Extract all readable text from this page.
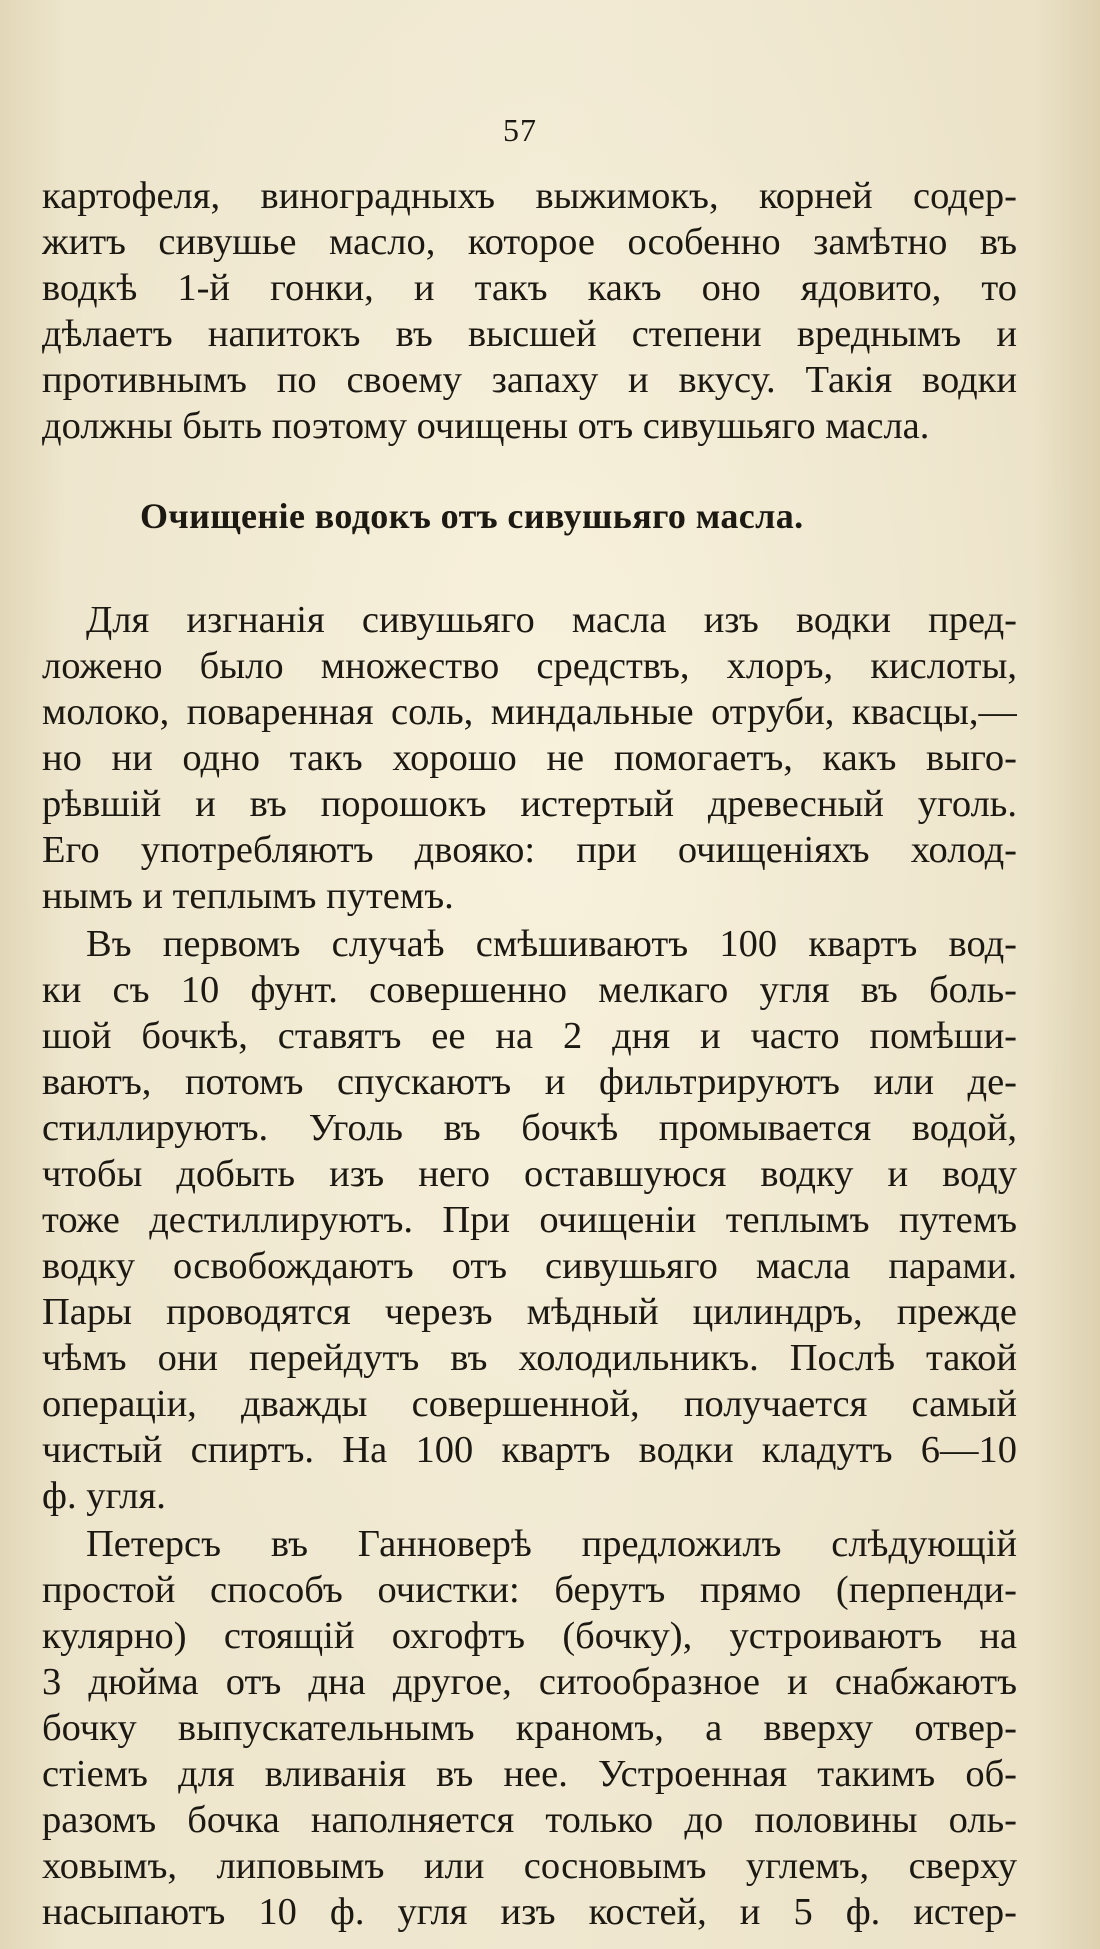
57
картофеля, виноградныхъ выжимокъ, корней содер-
житъ сивушье масло, которое особенно замѣтно въ
водкѣ 1-й гонки, и такъ какъ оно ядовито, то
дѣлаетъ напитокъ въ высшей степени вреднымъ и
противнымъ по своему запаху и вкусу. Такія водки
должны быть поэтому очищены отъ сивушьяго масла.
Очищеніе водокъ отъ сивушьяго масла.
Для изгнанія сивушьяго масла изъ водки пред-
ложено было множество средствъ, хлоръ, кислоты,
молоко, поваренная соль, миндальные отруби, квасцы,—
но ни одно такъ хорошо не помогаетъ, какъ выго-
рѣвшій и въ порошокъ истертый древесный уголь.
Его употребляютъ двояко: при очищеніяхъ холод-
нымъ и теплымъ путемъ.
Въ первомъ случаѣ смѣшиваютъ 100 квартъ вод-
ки съ 10 фунт. совершенно мелкаго угля въ боль-
шой бочкѣ, ставятъ ее на 2 дня и часто помѣши-
ваютъ, потомъ спускаютъ и фильтрируютъ или де-
стиллируютъ. Уголь въ бочкѣ промывается водой,
чтобы добыть изъ него оставшуюся водку и воду
тоже дестиллируютъ. При очищеніи теплымъ путемъ
водку освобождаютъ отъ сивушьяго масла парами.
Пары проводятся черезъ мѣдный цилиндръ, прежде
чѣмъ они перейдутъ въ холодильникъ. Послѣ такой
операціи, дважды совершенной, получается самый
чистый спиртъ. На 100 квартъ водки кладутъ 6—10
ф. угля.
Петерсъ въ Ганноверѣ предложилъ слѣдующій
простой способъ очистки: берутъ прямо (перпенди-
кулярно) стоящій охгофтъ (бочку), устроиваютъ на
3 дюйма отъ дна другое, ситообразное и снабжаютъ
бочку выпускательнымъ краномъ, а вверху отвер-
стіемъ для вливанія въ нее. Устроенная такимъ об-
разомъ бочка наполняется только до половины оль-
ховымъ, липовымъ или сосновымъ углемъ, сверху
насыпаютъ 10 ф. угля изъ костей, и 5 ф. истер-
